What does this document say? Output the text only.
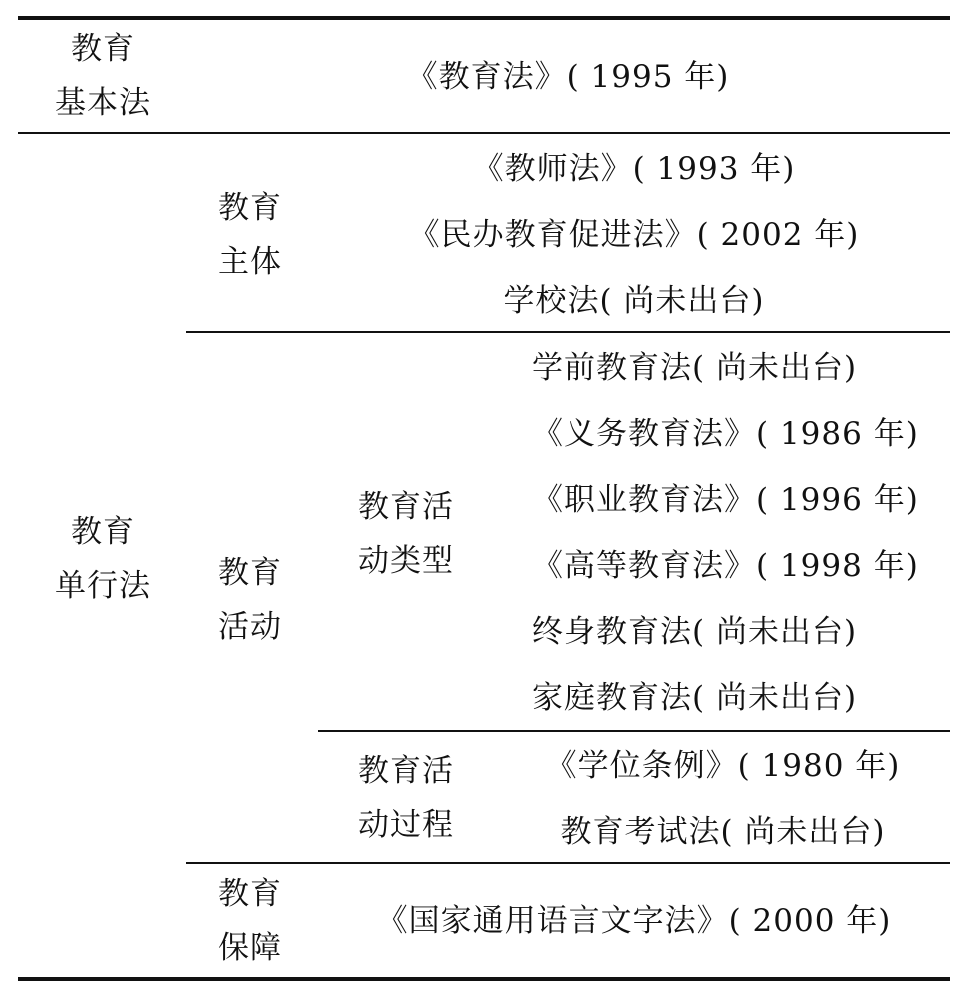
教育
基本法
《教育法》( 1995 年)
教育
单行法
教育
主体
《教师法》( 1993 年)
《民办教育促进法》( 2002 年)
学校法( 尚未出台)
教育
活动
教育活
动类型
学前教育法( 尚未出台)
《义务教育法》( 1986 年)
《职业教育法》( 1996 年)
《高等教育法》( 1998 年)
终身教育法( 尚未出台)
家庭教育法( 尚未出台)
教育活
动过程
《学位条例》( 1980 年)
教育考试法( 尚未出台)
教育
保障
《国家通用语言文字法》( 2000 年)
